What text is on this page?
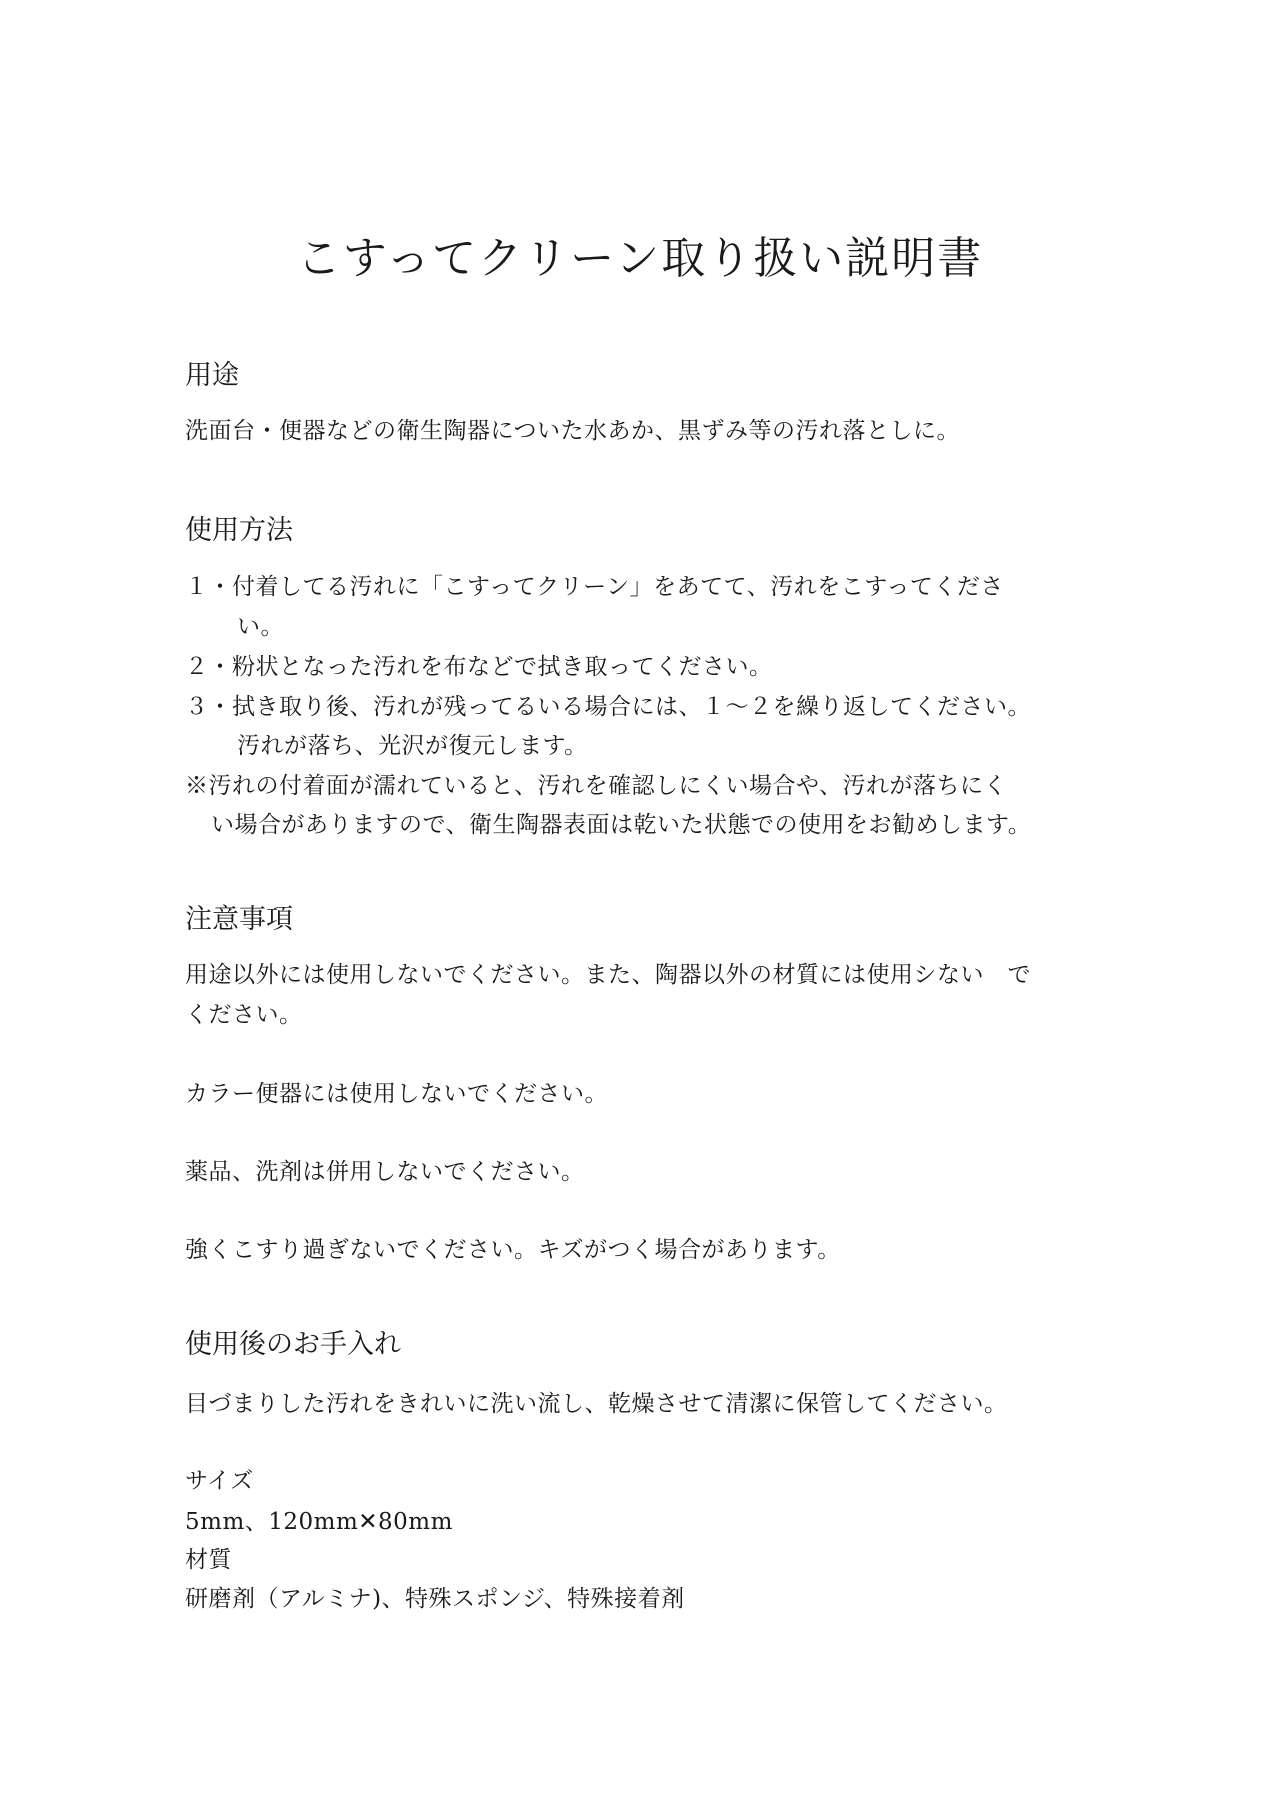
こすってクリーン取り扱い説明書
用途

洗面台・便器などの衛生陶器についた水あか、黒ずみ等の汚れ落としに。

使用方法

１・付着してる汚れに「こすってクリーン」をあてて、汚れをこすってくださ

い。

２・粉状となった汚れを布などで拭き取ってください。

３・拭き取り後、汚れが残ってるいる場合には、１～２を繰り返してください。

汚れが落ち、光沢が復元します。

※汚れの付着面が濡れていると、汚れを確認しにくい場合や、汚れが落ちにく

い場合がありますので、衛生陶器表面は乾いた状態での使用をお勧めします。

注意事項

用途以外には使用しないでください。また、陶器以外の材質には使用シない　で

ください。

カラー便器には使用しないでください。

薬品、洗剤は併用しないでください。

強くこすり過ぎないでください。キズがつく場合があります。

使用後のお手入れ

目づまりした汚れをきれいに洗い流し、乾燥させて清潔に保管してください。

サイズ

5mm、120mm✕80mm

材質

研磨剤（アルミナ)、特殊スポンジ、特殊接着剤
